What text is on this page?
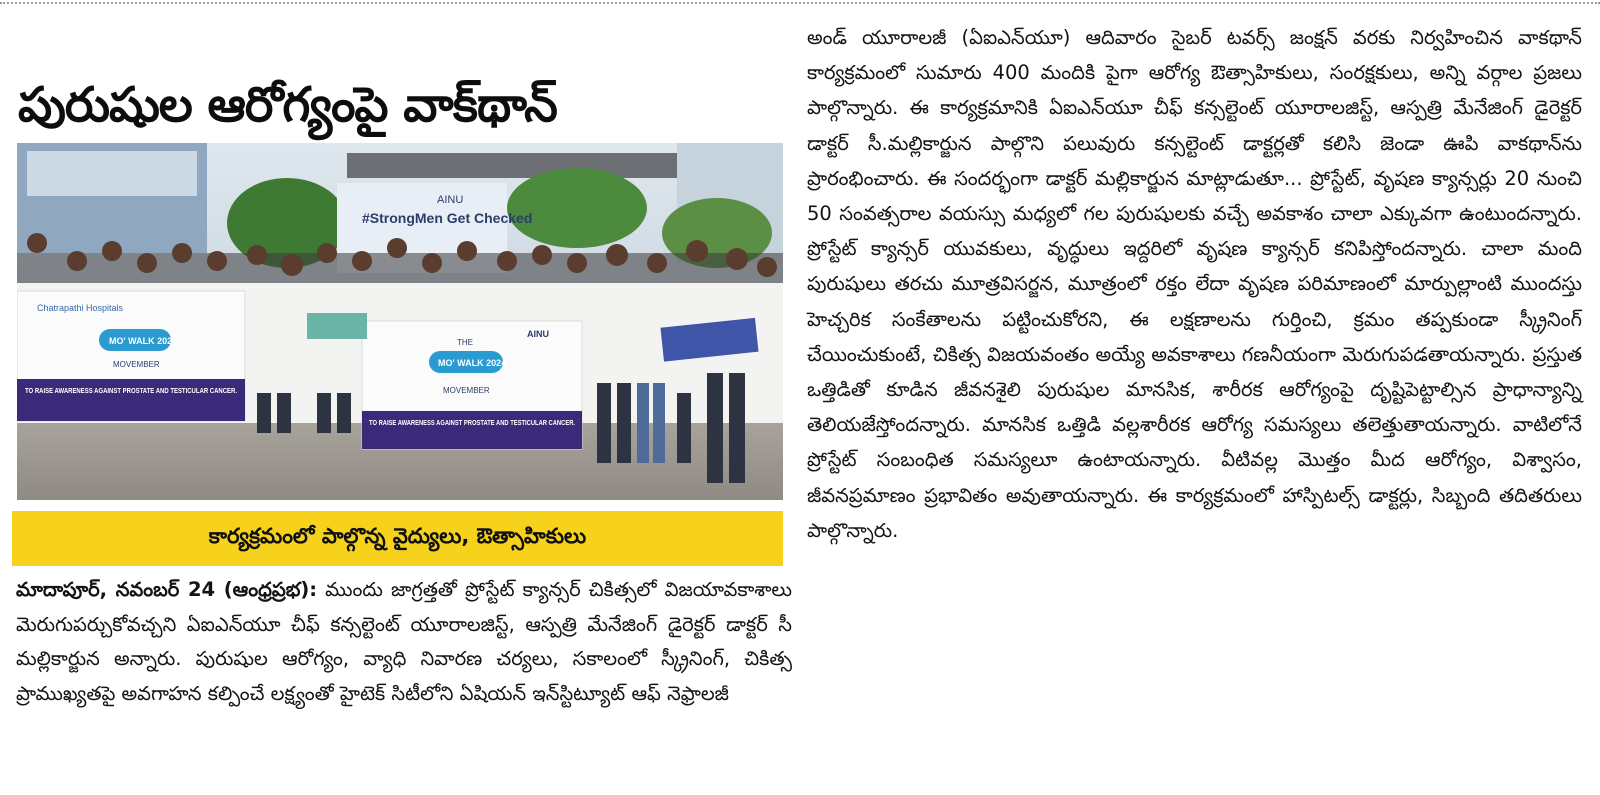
పురుషుల ఆరోగ్యంపై వాక్‌థాన్
#StrongMen Get Checked
AINU
Chatrapathi Hospitals
MO' WALK 2024
MOVEMBER
TO RAISE AWARENESS AGAINST PROSTATE AND TESTICULAR CANCER.
THE
MO' WALK 2024
MOVEMBER
AINU
TO RAISE AWARENESS AGAINST PROSTATE AND TESTICULAR CANCER.
కార్యక్రమంలో పాల్గొన్న వైద్యులు, ఔత్సాహికులు

మాదాపూర్, నవంబర్ 24 (ఆంధ్రప్రభ): ముందు జాగ్రత్తతో ప్రోస్టేట్ క్యాన్సర్ చికిత్సలో విజయావకాశాలు మెరుగుపర్చుకోవచ్చని ఏఐఎన్‌యూ చీఫ్ కన్సల్టెంట్ యూరాలజిస్ట్, ఆస్పత్రి మేనేజింగ్ డైరెక్టర్ డాక్టర్ సీ మల్లికార్జున అన్నారు. పురుషుల ఆరోగ్యం, వ్యాధి నివారణ చర్యలు, సకాలంలో స్క్రీనింగ్, చికిత్స ప్రాముఖ్యతపై అవగాహన కల్పించే లక్ష్యంతో హైటెక్ సిటీలోని ఏషియన్ ఇన్‌స్టిట్యూట్ ఆఫ్ నెఫ్రాలజీ

అండ్ యూరాలజీ (ఏఐఎన్‌యూ) ఆదివారం సైబర్ టవర్స్ జంక్షన్ వరకు నిర్వహించిన వాకథాన్ కార్యక్రమంలో సుమారు 400 మందికి పైగా ఆరోగ్య ఔత్సాహికులు, సంరక్షకులు, అన్ని వర్గాల ప్రజలు పాల్గొన్నారు. ఈ కార్యక్రమానికి ఏఐఎన్‌యూ చీఫ్ కన్సల్టెంట్ యూరాలజిస్ట్, ఆస్పత్రి మేనేజింగ్ డైరెక్టర్ డాక్టర్ సీ.మల్లికార్జున పాల్గొని పలువురు కన్సల్టెంట్ డాక్టర్లతో కలిసి జెండా ఊపి వాకథాన్‌ను ప్రారంభించారు. ఈ సందర్భంగా డాక్టర్ మల్లికార్జున మాట్లాడుతూ... ప్రోస్టేట్, వృషణ క్యాన్సర్లు 20 నుంచి 50 సంవత్సరాల వయస్సు మధ్యలో గల పురుషులకు వచ్చే అవకాశం చాలా ఎక్కువగా ఉంటుందన్నారు. ప్రోస్టేట్ క్యాన్సర్ యువకులు, వృద్ధులు ఇద్దరిలో వృషణ క్యాన్సర్ కనిపిస్తోందన్నారు. చాలా మంది పురుషులు తరచు మూత్రవిసర్జన, మూత్రంలో రక్తం లేదా వృషణ పరిమాణంలో మార్పుల్లాంటి ముందస్తు హెచ్చరిక సంకేతాలను పట్టించుకోరని, ఈ లక్షణాలను గుర్తించి, క్రమం తప్పకుండా స్క్రీనింగ్ చేయించుకుంటే, చికిత్స విజయవంతం అయ్యే అవకాశాలు గణనీయంగా మెరుగుపడతాయన్నారు. ప్రస్తుత ఒత్తిడితో కూడిన జీవనశైలి పురుషుల మానసిక, శారీరక ఆరోగ్యంపై దృష్టిపెట్టాల్సిన ప్రాధాన్యాన్ని తెలియజేస్తోందన్నారు. మానసిక ఒత్తిడి వల్లశారీరక ఆరోగ్య సమస్యలు తలెత్తుతాయన్నారు. వాటిలోనే ప్రోస్టేట్ సంబంధిత సమస్యలూ ఉంటాయన్నారు. వీటివల్ల మొత్తం మీద ఆరోగ్యం, విశ్వాసం, జీవనప్రమాణం ప్రభావితం అవుతాయన్నారు. ఈ కార్యక్రమంలో హాస్పిటల్స్ డాక్టర్లు, సిబ్బంది తదితరులు పాల్గొన్నారు.
